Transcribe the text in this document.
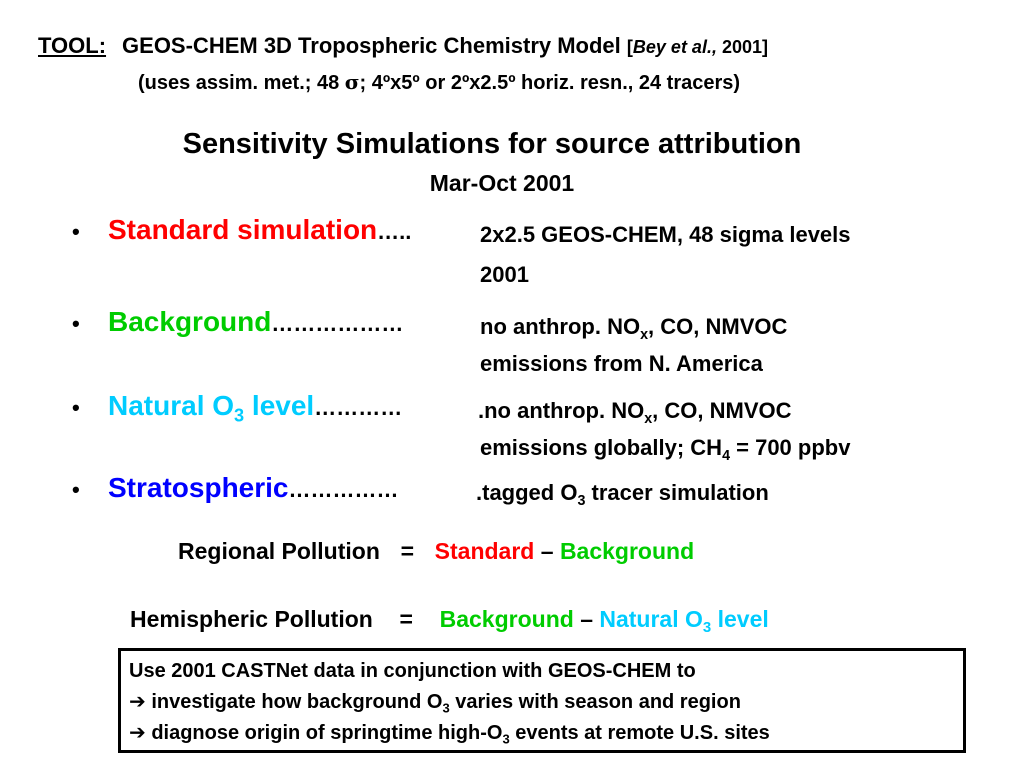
TOOL: GEOS-CHEM 3D Tropospheric Chemistry Model [Bey et al., 2001]
(uses assim. met.; 48 σ; 4ºx5º or 2ºx2.5º horiz. resn., 24 tracers)
Sensitivity Simulations for source attribution
Mar-Oct 2001
• Standard simulation…..	2x2.5 GEOS-CHEM, 48 sigma levels
2001
• Background………………	no anthrop. $NO_x$, CO, NMVOC
emissions from N. America
• Natural $O_3$ level…………	.no anthrop. $NO_x$, CO, NMVOC
emissions globally; $CH_4 = 700$ ppbv
• Stratospheric……………	.tagged $O_3$ tracer simulation
Regional Pollution = Standard – Background
Hemispheric Pollution = Background – Natural $O_3$ level
Use 2001 CASTNet data in conjunction with GEOS-CHEM to
➔ investigate how background $O_3$ varies with season and region
➔ diagnose origin of springtime high-$O_3$ events at remote U.S. sites
